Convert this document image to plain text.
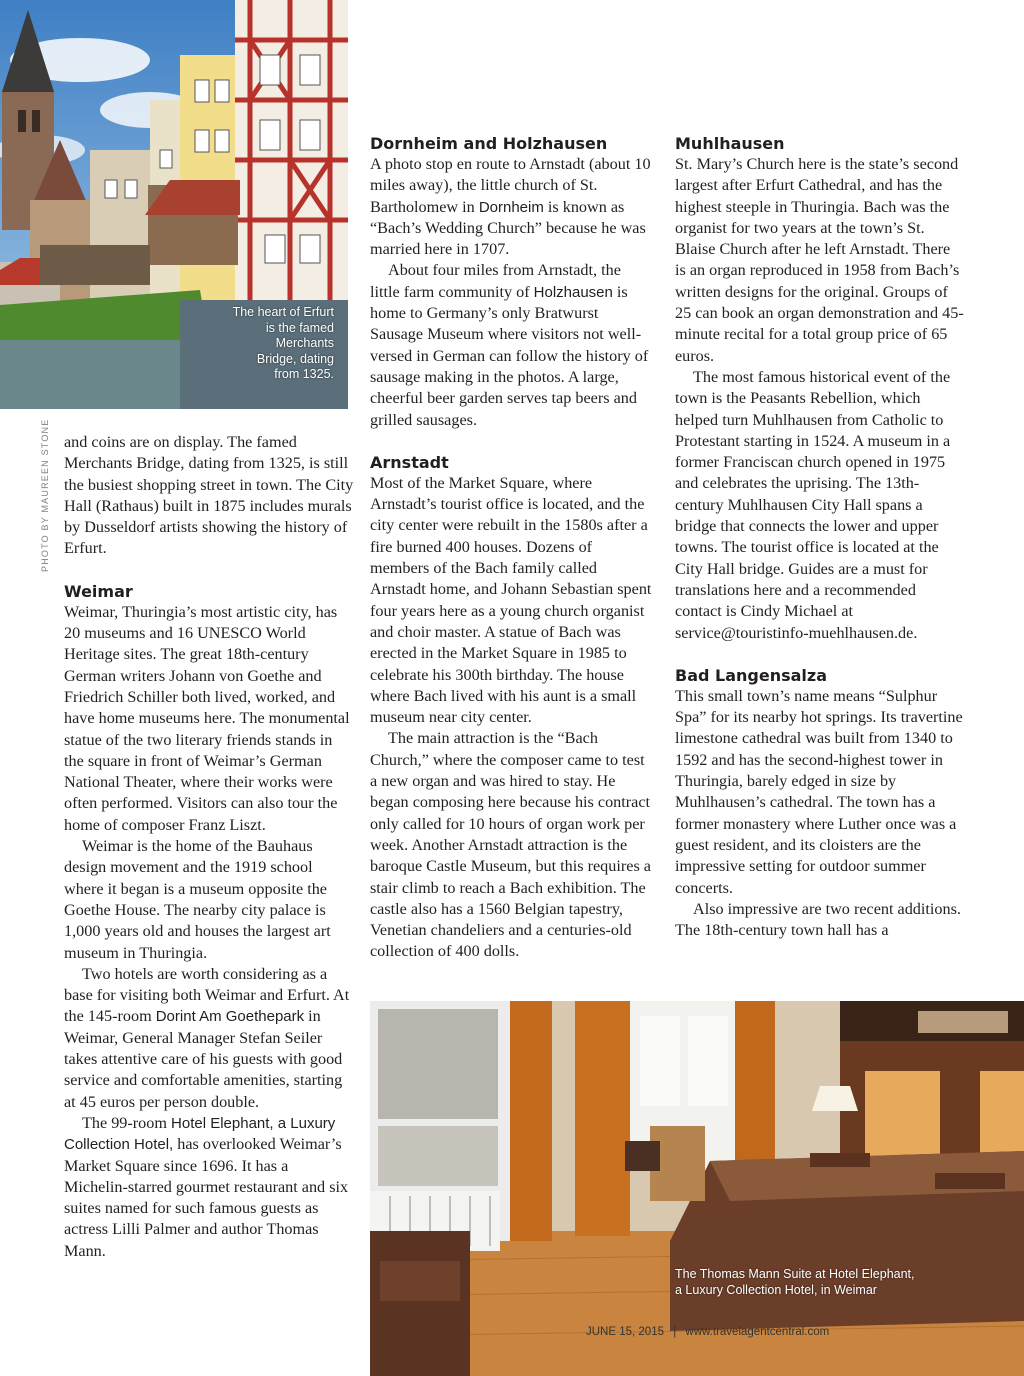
The heart of Erfurt
is the famed
Merchants
Bridge, dating
from 1325.
PHOTO BY MAUREEN STONE and coins are on display. The famed Merchants Bridge, dating from 1325, is still the busiest shopping street in town. The City Hall (Rathaus) built in 1875 includes murals by Dusseldorf artists showing the history of Erfurt.

Weimar

Weimar, Thuringia’s most artistic city, has 20 museums and 16 UNESCO World Heritage sites. The great 18th-century German writers Johann von Goethe and Friedrich Schiller both lived, worked, and have home museums here. The monumental statue of the two literary friends stands in the square in front of Weimar’s German National Theater, where their works were often performed. Visitors can also tour the home of composer Franz Liszt.

Weimar is the home of the Bauhaus design movement and the 1919 school where it began is a museum opposite the Goethe House. The nearby city palace is 1,000 years old and houses the largest art museum in Thuringia.

Two hotels are worth considering as a base for visiting both Weimar and Erfurt. At the 145-room Dorint Am Goethepark in Weimar, General Manager Stefan Seiler takes attentive care of his guests with good service and comfortable amenities, starting at 45 euros per person double.

The 99-room Hotel Elephant, a Luxury Collection Hotel, has overlooked Weimar’s Market Square since 1696. It has a Michelin-starred gourmet restaurant and six suites named for such famous guests as actress Lilli Palmer and author Thomas Mann.

Dornheim and Holzhausen

A photo stop en route to Arnstadt (about 10 miles away), the little church of St. Bartholomew in Dornheim is known as “Bach’s Wedding Church” because he was married here in 1707.

About four miles from Arnstadt, the little farm community of Holzhausen is home to Germany’s only Bratwurst Sausage Museum where visitors not well-versed in German can follow the history of sausage making in the photos. A large, cheerful beer garden serves tap beers and grilled sausages.

Arnstadt

Most of the Market Square, where Arnstadt’s tourist office is located, and the city center were rebuilt in the 1580s after a fire burned 400 houses. Dozens of members of the Bach family called Arnstadt home, and Johann Sebastian spent four years here as a young church organist and choir master. A statue of Bach was erected in the Market Square in 1985 to celebrate his 300th birthday. The house where Bach lived with his aunt is a small museum near city center.

The main attraction is the “Bach Church,” where the composer came to test a new organ and was hired to stay. He began composing here because his contract only called for 10 hours of organ work per week. Another Arnstadt attraction is the baroque Castle Museum, but this requires a stair climb to reach a Bach exhibition. The castle also has a 1560 Belgian tapestry, Venetian chandeliers and a centuries-old collection of 400 dolls.

Muhlhausen

St. Mary’s Church here is the state’s second largest after Erfurt Cathedral, and has the highest steeple in Thuringia. Bach was the organist for two years at the town’s St. Blaise Church after he left Arnstadt. There is an organ reproduced in 1958 from Bach’s written designs for the original. Groups of 25 can book an organ demonstration and 45-minute recital for a total group price of 65 euros.

The most famous historical event of the town is the Peasants Rebellion, which helped turn Muhlhausen from Catholic to Protestant starting in 1524. A museum in a former Franciscan church opened in 1975 and celebrates the uprising. The 13th-century Muhlhausen City Hall spans a bridge that connects the lower and upper towns. The tourist office is located at the City Hall bridge. Guides are a must for translations here and a recommended contact is Cindy Michael at service@touristinfo-muehlhausen.de.

Bad Langensalza

This small town’s name means “Sulphur Spa” for its nearby hot springs. Its travertine limestone cathedral was built from 1340 to 1592 and has the second-highest tower in Thuringia, barely edged in size by Muhlhausen’s cathedral. The town has a former monastery where Luther once was a guest resident, and its cloisters are the impressive setting for outdoor summer concerts.

Also impressive are two recent additions. The 18th-century town hall has a

The Thomas Mann Suite at Hotel Elephant,
a Luxury Collection Hotel, in Weimar
JUNE 15, 2015 | www.travelagentcentral.com
